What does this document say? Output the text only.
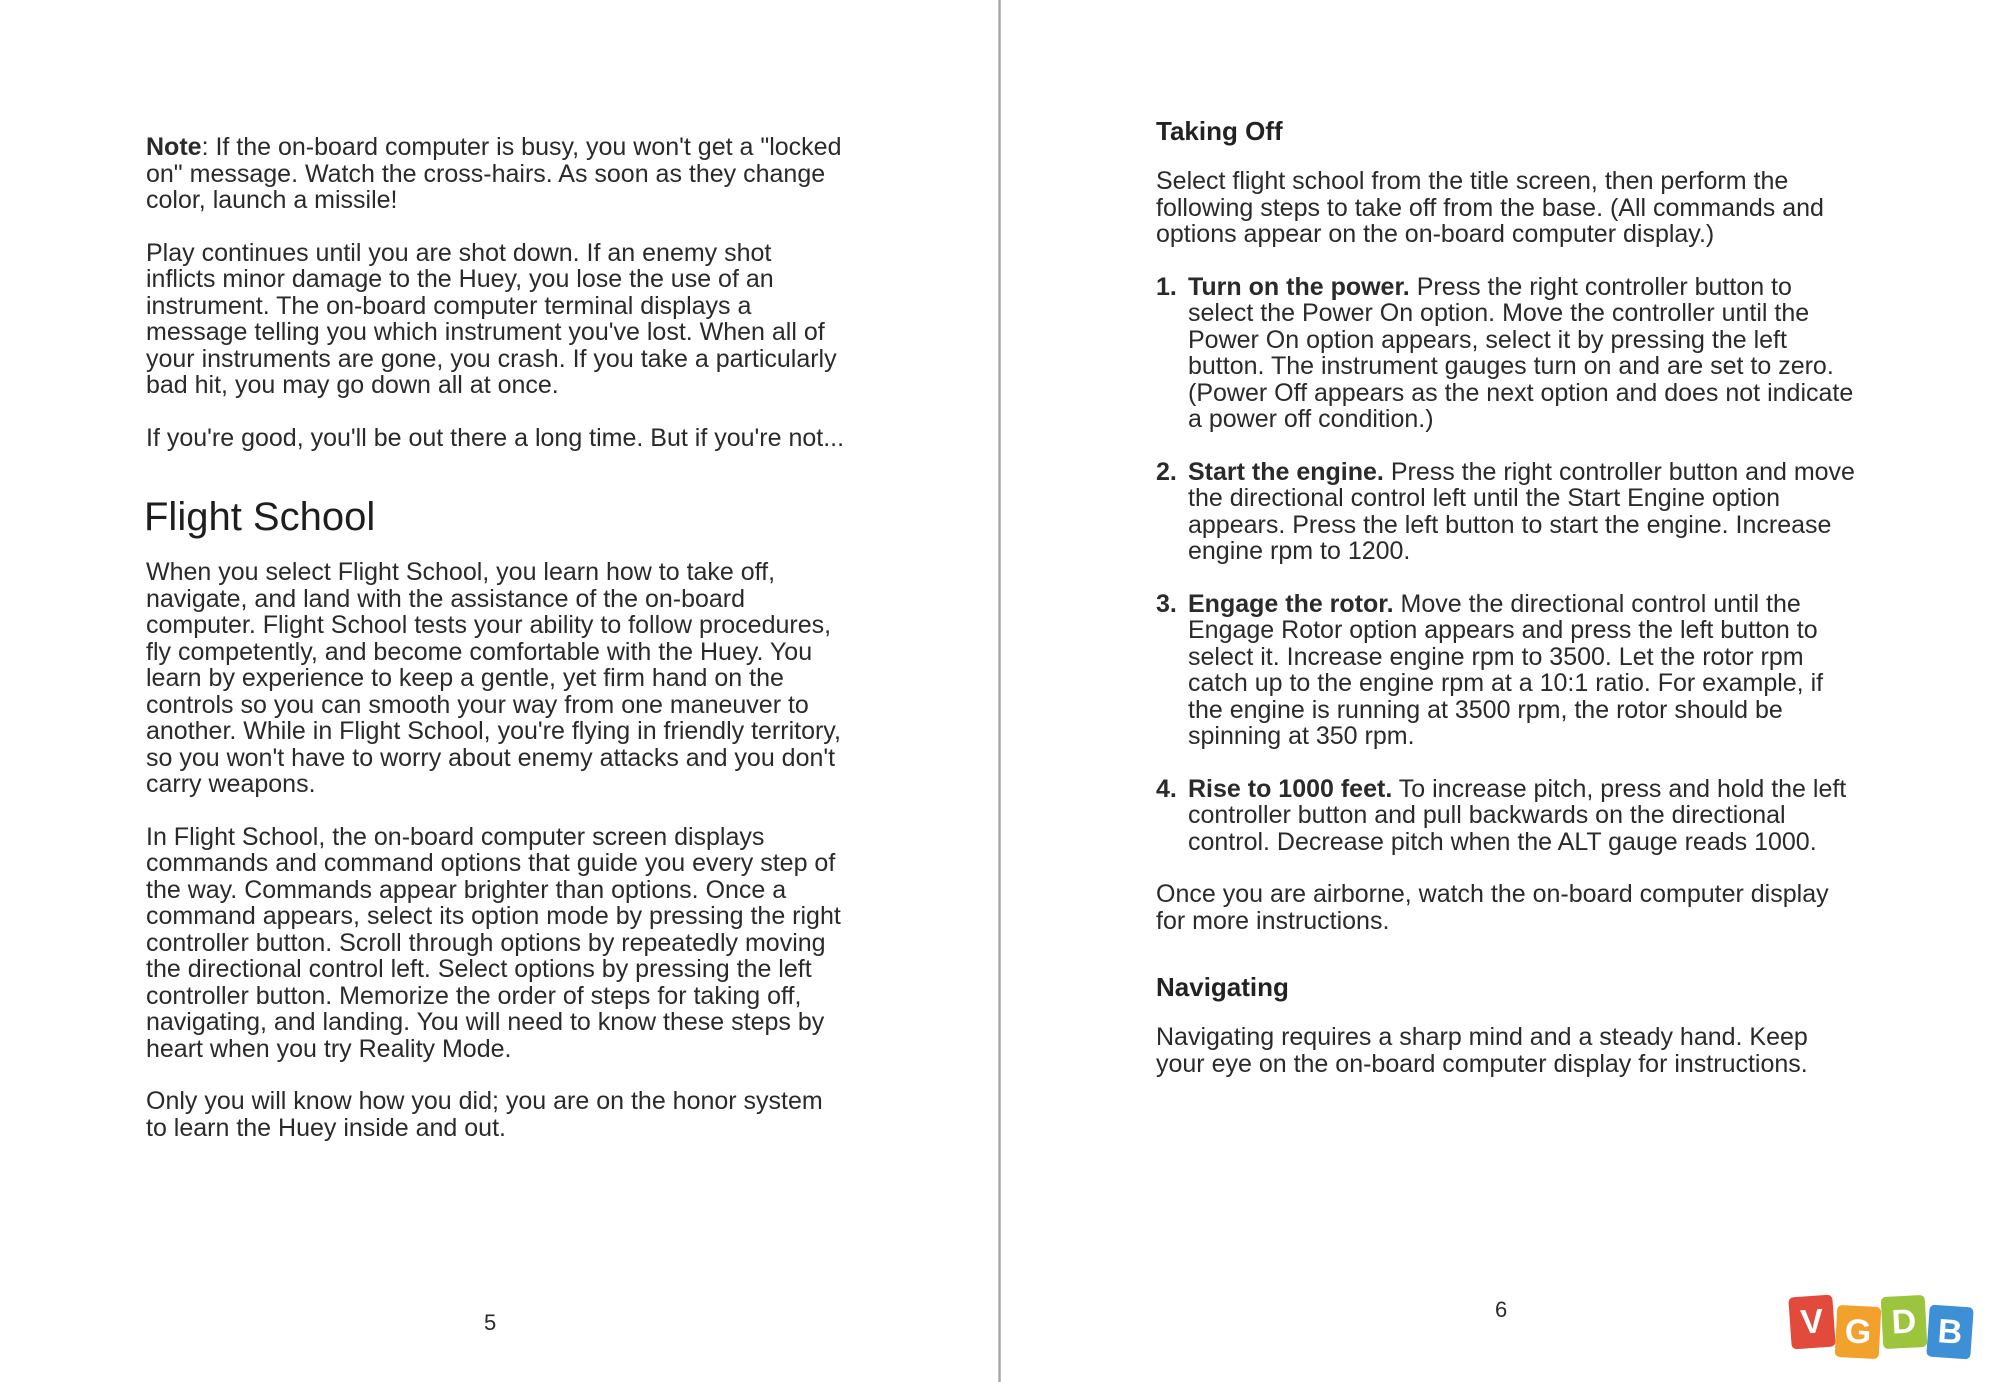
Note: If the on-board computer is busy, you won't get a "locked on" message. Watch the cross-hairs. As soon as they change color, launch a missile!

Play continues until you are shot down. If an enemy shot inflicts minor damage to the Huey, you lose the use of an instrument. The on-board computer terminal displays a message telling you which instrument you've lost. When all of your instruments are gone, you crash. If you take a particularly bad hit, you may go down all at once.

If you're good, you'll be out there a long time. But if you're not...

Flight School

When you select Flight School, you learn how to take off, navigate, and land with the assistance of the on-board computer. Flight School tests your ability to follow procedures, fly competently, and become comfortable with the Huey. You learn by experience to keep a gentle, yet firm hand on the controls so you can smooth your way from one maneuver to another. While in Flight School, you're flying in friendly territory, so you won't have to worry about enemy attacks and you don't carry weapons.

In Flight School, the on-board computer screen displays commands and command options that guide you every step of the way. Commands appear brighter than options. Once a command appears, select its option mode by pressing the right controller button. Scroll through options by repeatedly moving the directional control left. Select options by pressing the left controller button. Memorize the order of steps for taking off, navigating, and landing. You will need to know these steps by heart when you try Reality Mode.

Only you will know how you did; you are on the honor system to learn the Huey inside and out.

5
Taking Off

Select flight school from the title screen, then perform the following steps to take off from the base. (All commands and options appear on the on-board computer display.)

1. Turn on the power. Press the right controller button to select the Power On option. Move the controller until the Power On option appears, select it by pressing the left button. The instrument gauges turn on and are set to zero. (Power Off appears as the next option and does not indicate a power off condition.)
2. Start the engine. Press the right controller button and move the directional control left until the Start Engine option appears. Press the left button to start the engine. Increase engine rpm to 1200.
3. Engage the rotor. Move the directional control until the Engage Rotor option appears and press the left button to select it. Increase engine rpm to 3500. Let the rotor rpm catch up to the engine rpm at a 10:1 ratio. For example, if the engine is running at 3500 rpm, the rotor should be spinning at 350 rpm.
4. Rise to 1000 feet. To increase pitch, press and hold the left controller button and pull backwards on the directional control. Decrease pitch when the ALT gauge reads 1000.

Once you are airborne, watch the on-board computer display for more instructions.

Navigating

Navigating requires a sharp mind and a steady hand. Keep your eye on the on-board computer display for instructions.

6	V G D B
